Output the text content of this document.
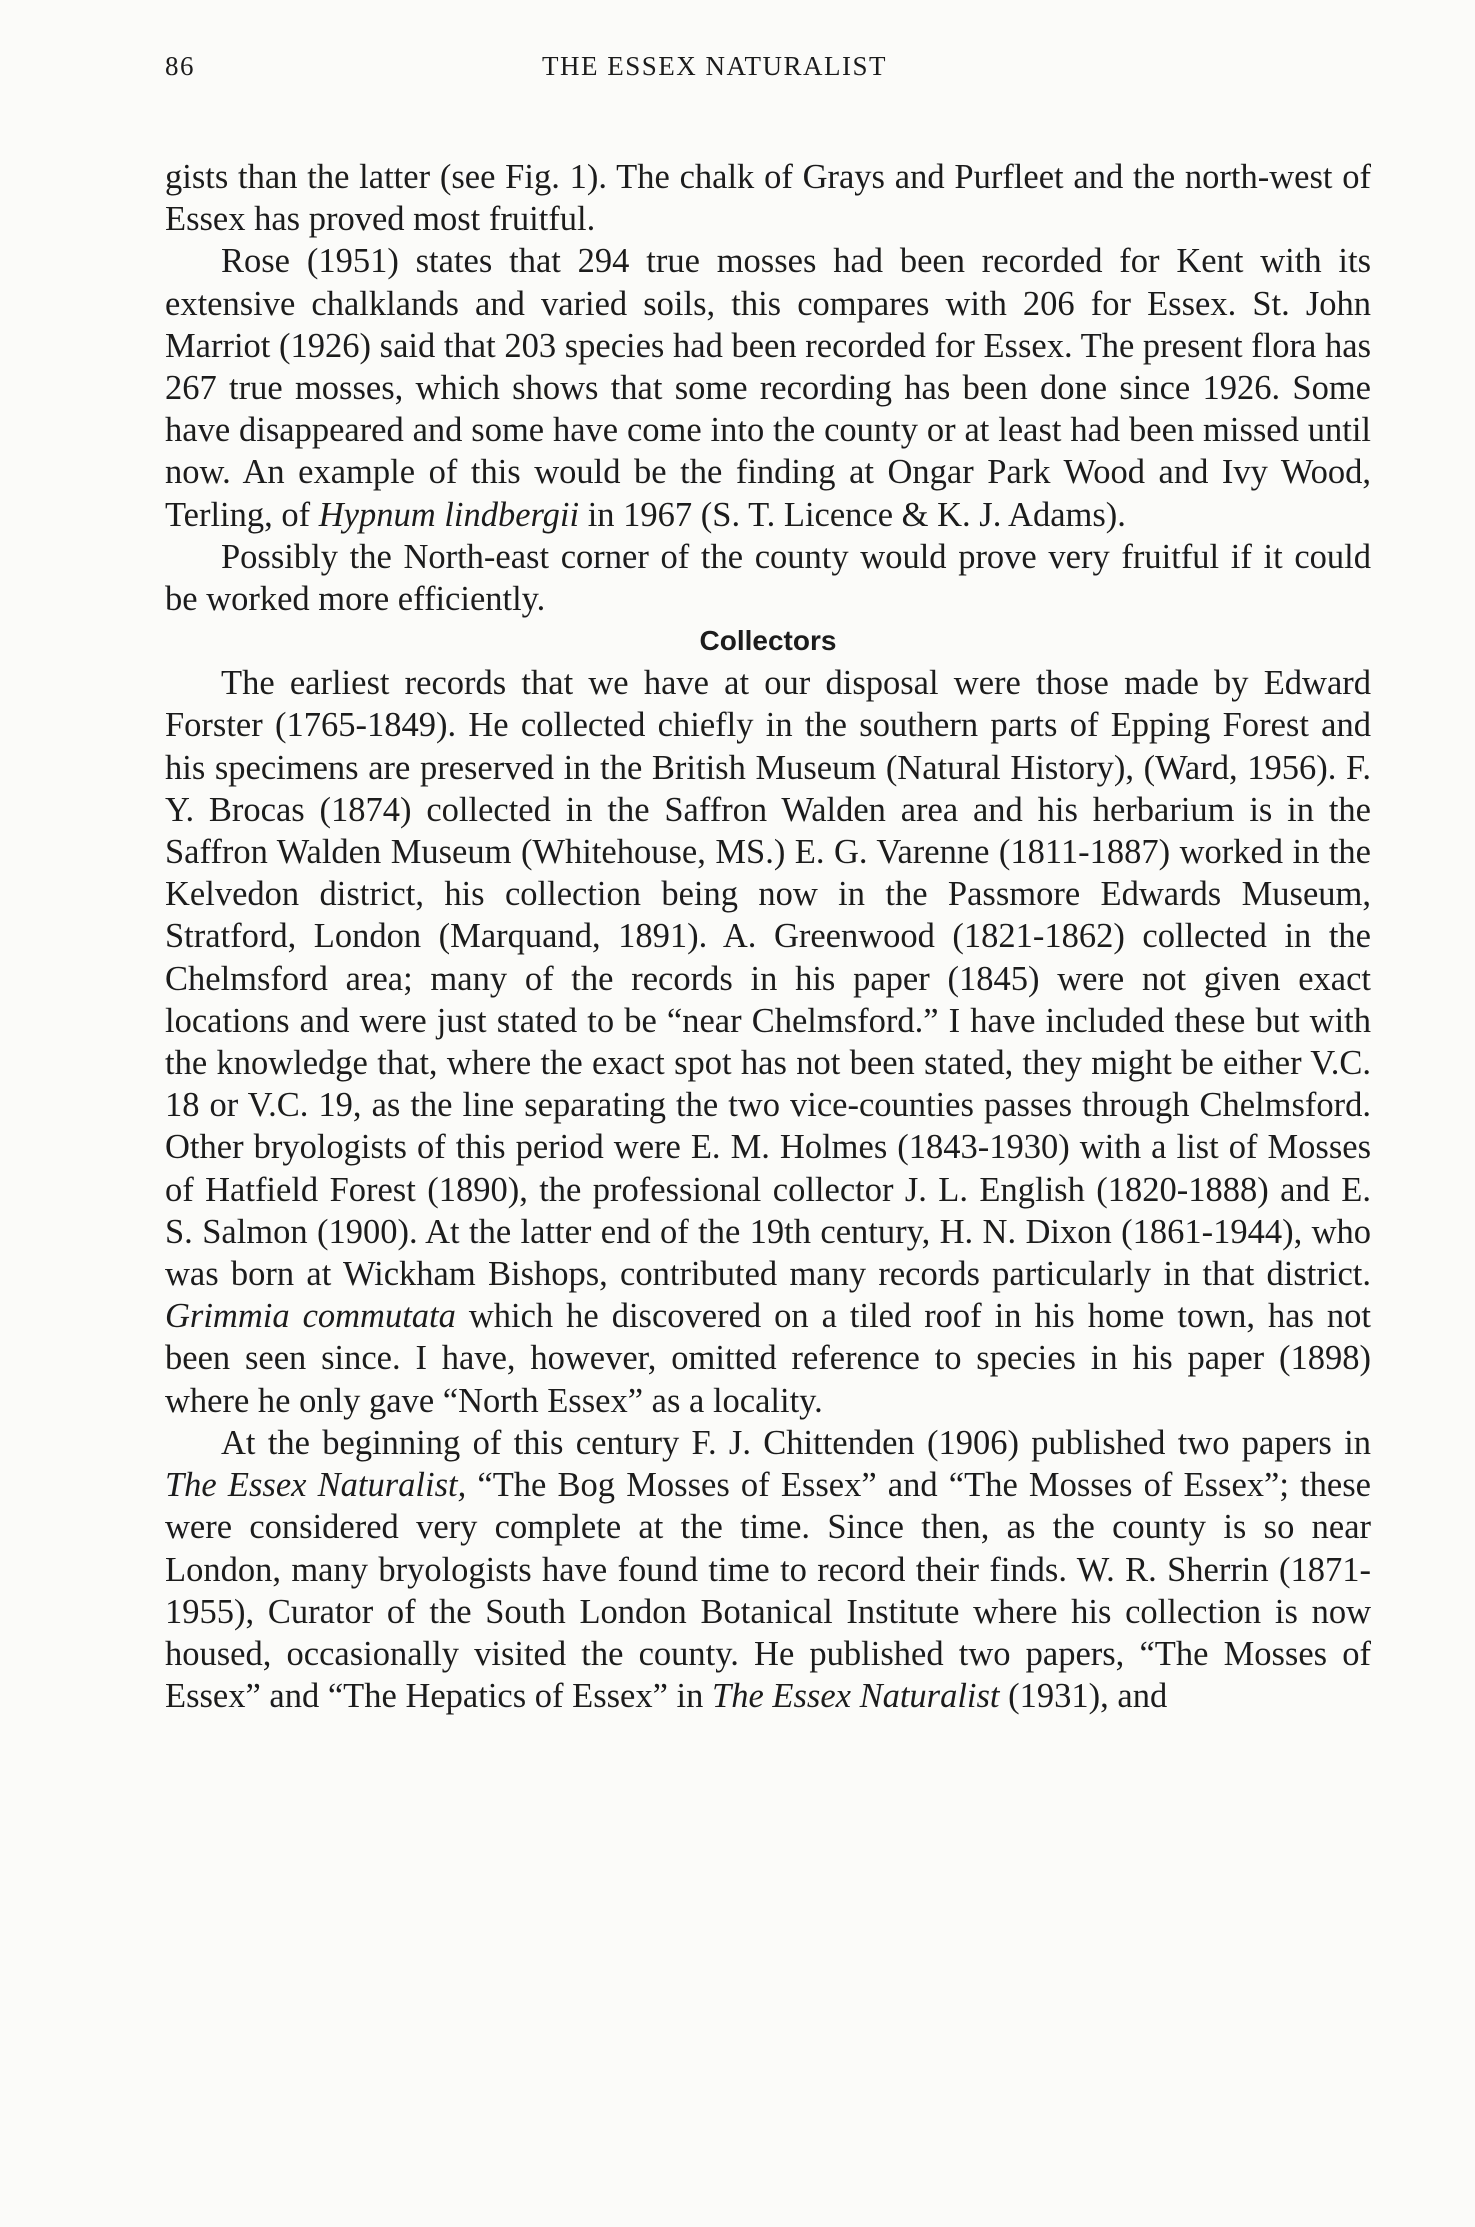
86	THE ESSEX NATURALIST

gists than the latter (see Fig. 1). The chalk of Grays and Purfleet and the north-west of Essex has proved most fruitful.

Rose (1951) states that 294 true mosses had been recorded for Kent with its extensive chalklands and varied soils, this compares with 206 for Essex. St. John Marriot (1926) said that 203 species had been recorded for Essex. The present flora has 267 true mosses, which shows that some recording has been done since 1926. Some have disappeared and some have come into the county or at least had been missed until now. An example of this would be the finding at Ongar Park Wood and Ivy Wood, Terling, of Hypnum lindbergii in 1967 (S. T. Licence & K. J. Adams).

Possibly the North-east corner of the county would prove very fruitful if it could be worked more efficiently.

Collectors

The earliest records that we have at our disposal were those made by Edward Forster (1765-1849). He collected chiefly in the southern parts of Epping Forest and his specimens are preserved in the British Museum (Natural History), (Ward, 1956). F. Y. Brocas (1874) collected in the Saffron Walden area and his herbarium is in the Saffron Walden Museum (Whitehouse, MS.) E. G. Varenne (1811-1887) worked in the Kelvedon district, his collection being now in the Passmore Edwards Museum, Stratford, London (Marquand, 1891). A. Greenwood (1821-1862) collected in the Chelmsford area; many of the records in his paper (1845) were not given exact locations and were just stated to be “near Chelmsford.” I have included these but with the knowledge that, where the exact spot has not been stated, they might be either V.C. 18 or V.C. 19, as the line separating the two vice-counties passes through Chelmsford. Other bryologists of this period were E. M. Holmes (1843-1930) with a list of Mosses of Hatfield Forest (1890), the professional collector J. L. English (1820-1888) and E. S. Salmon (1900). At the latter end of the 19th century, H. N. Dixon (1861-1944), who was born at Wickham Bishops, contributed many records particularly in that district. Grimmia commutata which he discovered on a tiled roof in his home town, has not been seen since. I have, however, omitted reference to species in his paper (1898) where he only gave “North Essex” as a locality.

At the beginning of this century F. J. Chittenden (1906) published two papers in The Essex Naturalist, “The Bog Mosses of Essex” and “The Mosses of Essex”; these were considered very complete at the time. Since then, as the county is so near London, many bryologists have found time to record their finds. W. R. Sherrin (1871-1955), Curator of the South London Botanical Institute where his collection is now housed, occasionally visited the county. He published two papers, “The Mosses of Essex” and “The Hepatics of Essex” in The Essex Naturalist (1931), and
